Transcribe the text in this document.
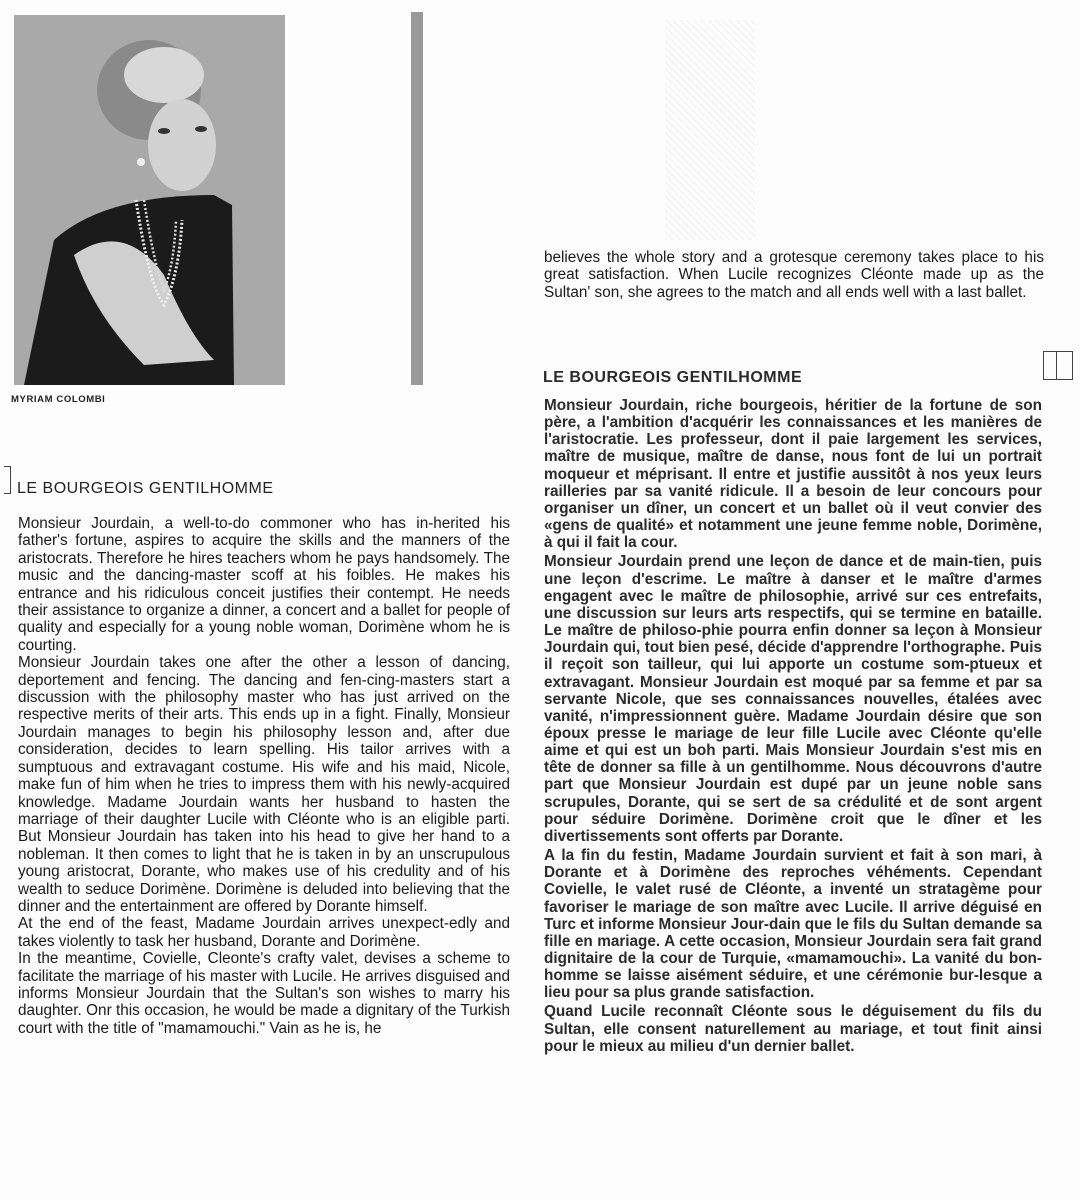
MYRIAM COLOMBI
LE BOURGEOIS GENTILHOMME

Monsieur Jourdain, a well-to-do commoner who has in-herited his father's fortune, aspires to acquire the skills and the manners of the aristocrats. Therefore he hires teachers whom he pays handsomely. The music and the dancing-master scoff at his foibles. He makes his entrance and his ridiculous conceit justifies their contempt. He needs their assistance to organize a dinner, a concert and a ballet for people of quality and especially for a young noble woman, Dorimène whom he is courting.

Monsieur Jourdain takes one after the other a lesson of dancing, deportement and fencing. The dancing and fen-cing-masters start a discussion with the philosophy master who has just arrived on the respective merits of their arts. This ends up in a fight. Finally, Monsieur Jourdain manages to begin his philosophy lesson and, after due consideration, decides to learn spelling. His tailor arrives with a sumptuous and extravagant costume. His wife and his maid, Nicole, make fun of him when he tries to impress them with his newly-acquired knowledge. Madame Jourdain wants her husband to hasten the marriage of their daughter Lucile with Cléonte who is an eligible parti. But Monsieur Jourdain has taken into his head to give her hand to a nobleman. It then comes to light that he is taken in by an unscrupulous young aristocrat, Dorante, who makes use of his credulity and of his wealth to seduce Dorimène. Dorimène is deluded into believing that the dinner and the entertainment are offered by Dorante himself.

At the end of the feast, Madame Jourdain arrives unexpect-edly and takes violently to task her husband, Dorante and Dorimène.

In the meantime, Covielle, Cleonte's crafty valet, devises a scheme to facilitate the marriage of his master with Lucile. He arrives disguised and informs Monsieur Jourdain that the Sultan's son wishes to marry his daughter. Onr this occasion, he would be made a dignitary of the Turkish court with the title of "mamamouchi." Vain as he is, he

believes the whole story and a grotesque ceremony takes place to his great satisfaction. When Lucile recognizes Cléonte made up as the Sultan' son, she agrees to the match and all ends well with a last ballet.

LE BOURGEOIS GENTILHOMME

Monsieur Jourdain, riche bourgeois, héritier de la fortune de son père, a l'ambition d'acquérir les connaissances et les manières de l'aristocratie. Les professeur, dont il paie largement les services, maître de musique, maître de danse, nous font de lui un portrait moqueur et méprisant. Il entre et justifie aussitôt à nos yeux leurs railleries par sa vanité ridicule. Il a besoin de leur concours pour organiser un dîner, un concert et un ballet où il veut convier des «gens de qualité» et notamment une jeune femme noble, Dorimène, à qui il fait la cour.

Monsieur Jourdain prend une leçon de dance et de main-tien, puis une leçon d'escrime. Le maître à danser et le maître d'armes engagent avec le maître de philosophie, arrivé sur ces entrefaits, une discussion sur leurs arts respectifs, qui se termine en bataille. Le maître de philoso-phie pourra enfin donner sa leçon à Monsieur Jourdain qui, tout bien pesé, décide d'apprendre l'orthographe. Puis il reçoit son tailleur, qui lui apporte un costume som-ptueux et extravagant. Monsieur Jourdain est moqué par sa femme et par sa servante Nicole, que ses connaissances nouvelles, étalées avec vanité, n'impressionnent guère. Madame Jourdain désire que son époux presse le mariage de leur fille Lucile avec Cléonte qu'elle aime et qui est un boh parti. Mais Monsieur Jourdain s'est mis en tête de donner sa fille à un gentilhomme. Nous découvrons d'autre part que Monsieur Jourdain est dupé par un jeune noble sans scrupules, Dorante, qui se sert de sa crédulité et de sont argent pour séduire Dorimène. Dorimène croit que le dîner et les divertissements sont offerts par Dorante.

A la fin du festin, Madame Jourdain survient et fait à son mari, à Dorante et à Dorimène des reproches véhéments. Cependant Covielle, le valet rusé de Cléonte, a inventé un stratagème pour favoriser le mariage de son maître avec Lucile. Il arrive déguisé en Turc et informe Monsieur Jour-dain que le fils du Sultan demande sa fille en mariage. A cette occasion, Monsieur Jourdain sera fait grand dignitaire de la cour de Turquie, «mamamouchi». La vanité du bon-homme se laisse aisément séduire, et une cérémonie bur-lesque a lieu pour sa plus grande satisfaction.

Quand Lucile reconnaît Cléonte sous le déguisement du fils du Sultan, elle consent naturellement au mariage, et tout finit ainsi pour le mieux au milieu d'un dernier ballet.
